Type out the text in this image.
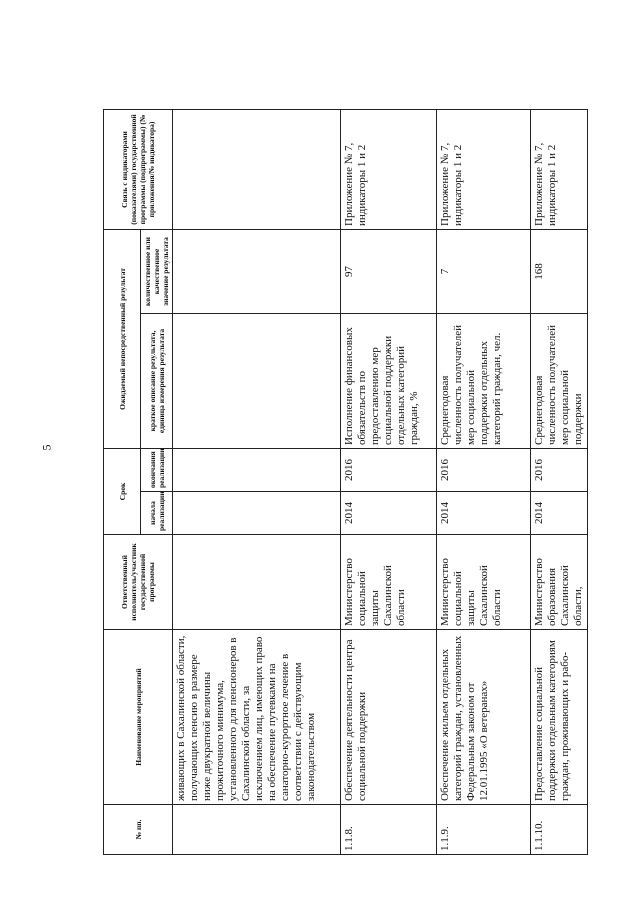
5
№ пп.	Наименование мероприятий	Ответственный исполнитель/участник государственной программы	Срок		Ожидаемый непосредственный результат		Связь с индикаторами (показателями) государственной программы (подпрограммы) (№ приложения/№ индикатора)
			начала реализации	окончания реализации	краткое описание результата, единица измерения результата	количественное или качественное значение результата	
	живающих в Сахалинской области, получающих пенсию в размере ниже двукратной величины прожиточного минимума, установленного для пенсионеров в Сахалинской области, за исключением лиц, имеющих право на обеспечение путевками на санаторно-курортное лечение в соответствии с действующим законодательством						
1.1.8.	Обеспечение деятельности центра социальной поддержки	Министерство социальной защиты Сахалинской области	2014	2016	Исполнение финансовых обязательств по предоставлению мер социальной поддержки отдельных категорий граждан, %	97	Приложение № 7, индикаторы 1 и 2
1.1.9.	Обеспечение жильем отдельных категорий граждан, установленных Федеральным законом от 12.01.1995 «О ветеранах»	Министерство социальной защиты Сахалинской области	2014	2016	Среднегодовая численность получателей мер социальной поддержки отдельных категорий граждан, чел.	7	Приложение № 7, индикаторы 1 и 2
1.1.10.	Предоставление социальной поддержки отдельным категориям граждан, проживающих и рабо-	Министерство образования Сахалинской области,	2014	2016	Среднегодовая численность получателей мер социальной поддержки	168	Приложение № 7, индикаторы 1 и 2
